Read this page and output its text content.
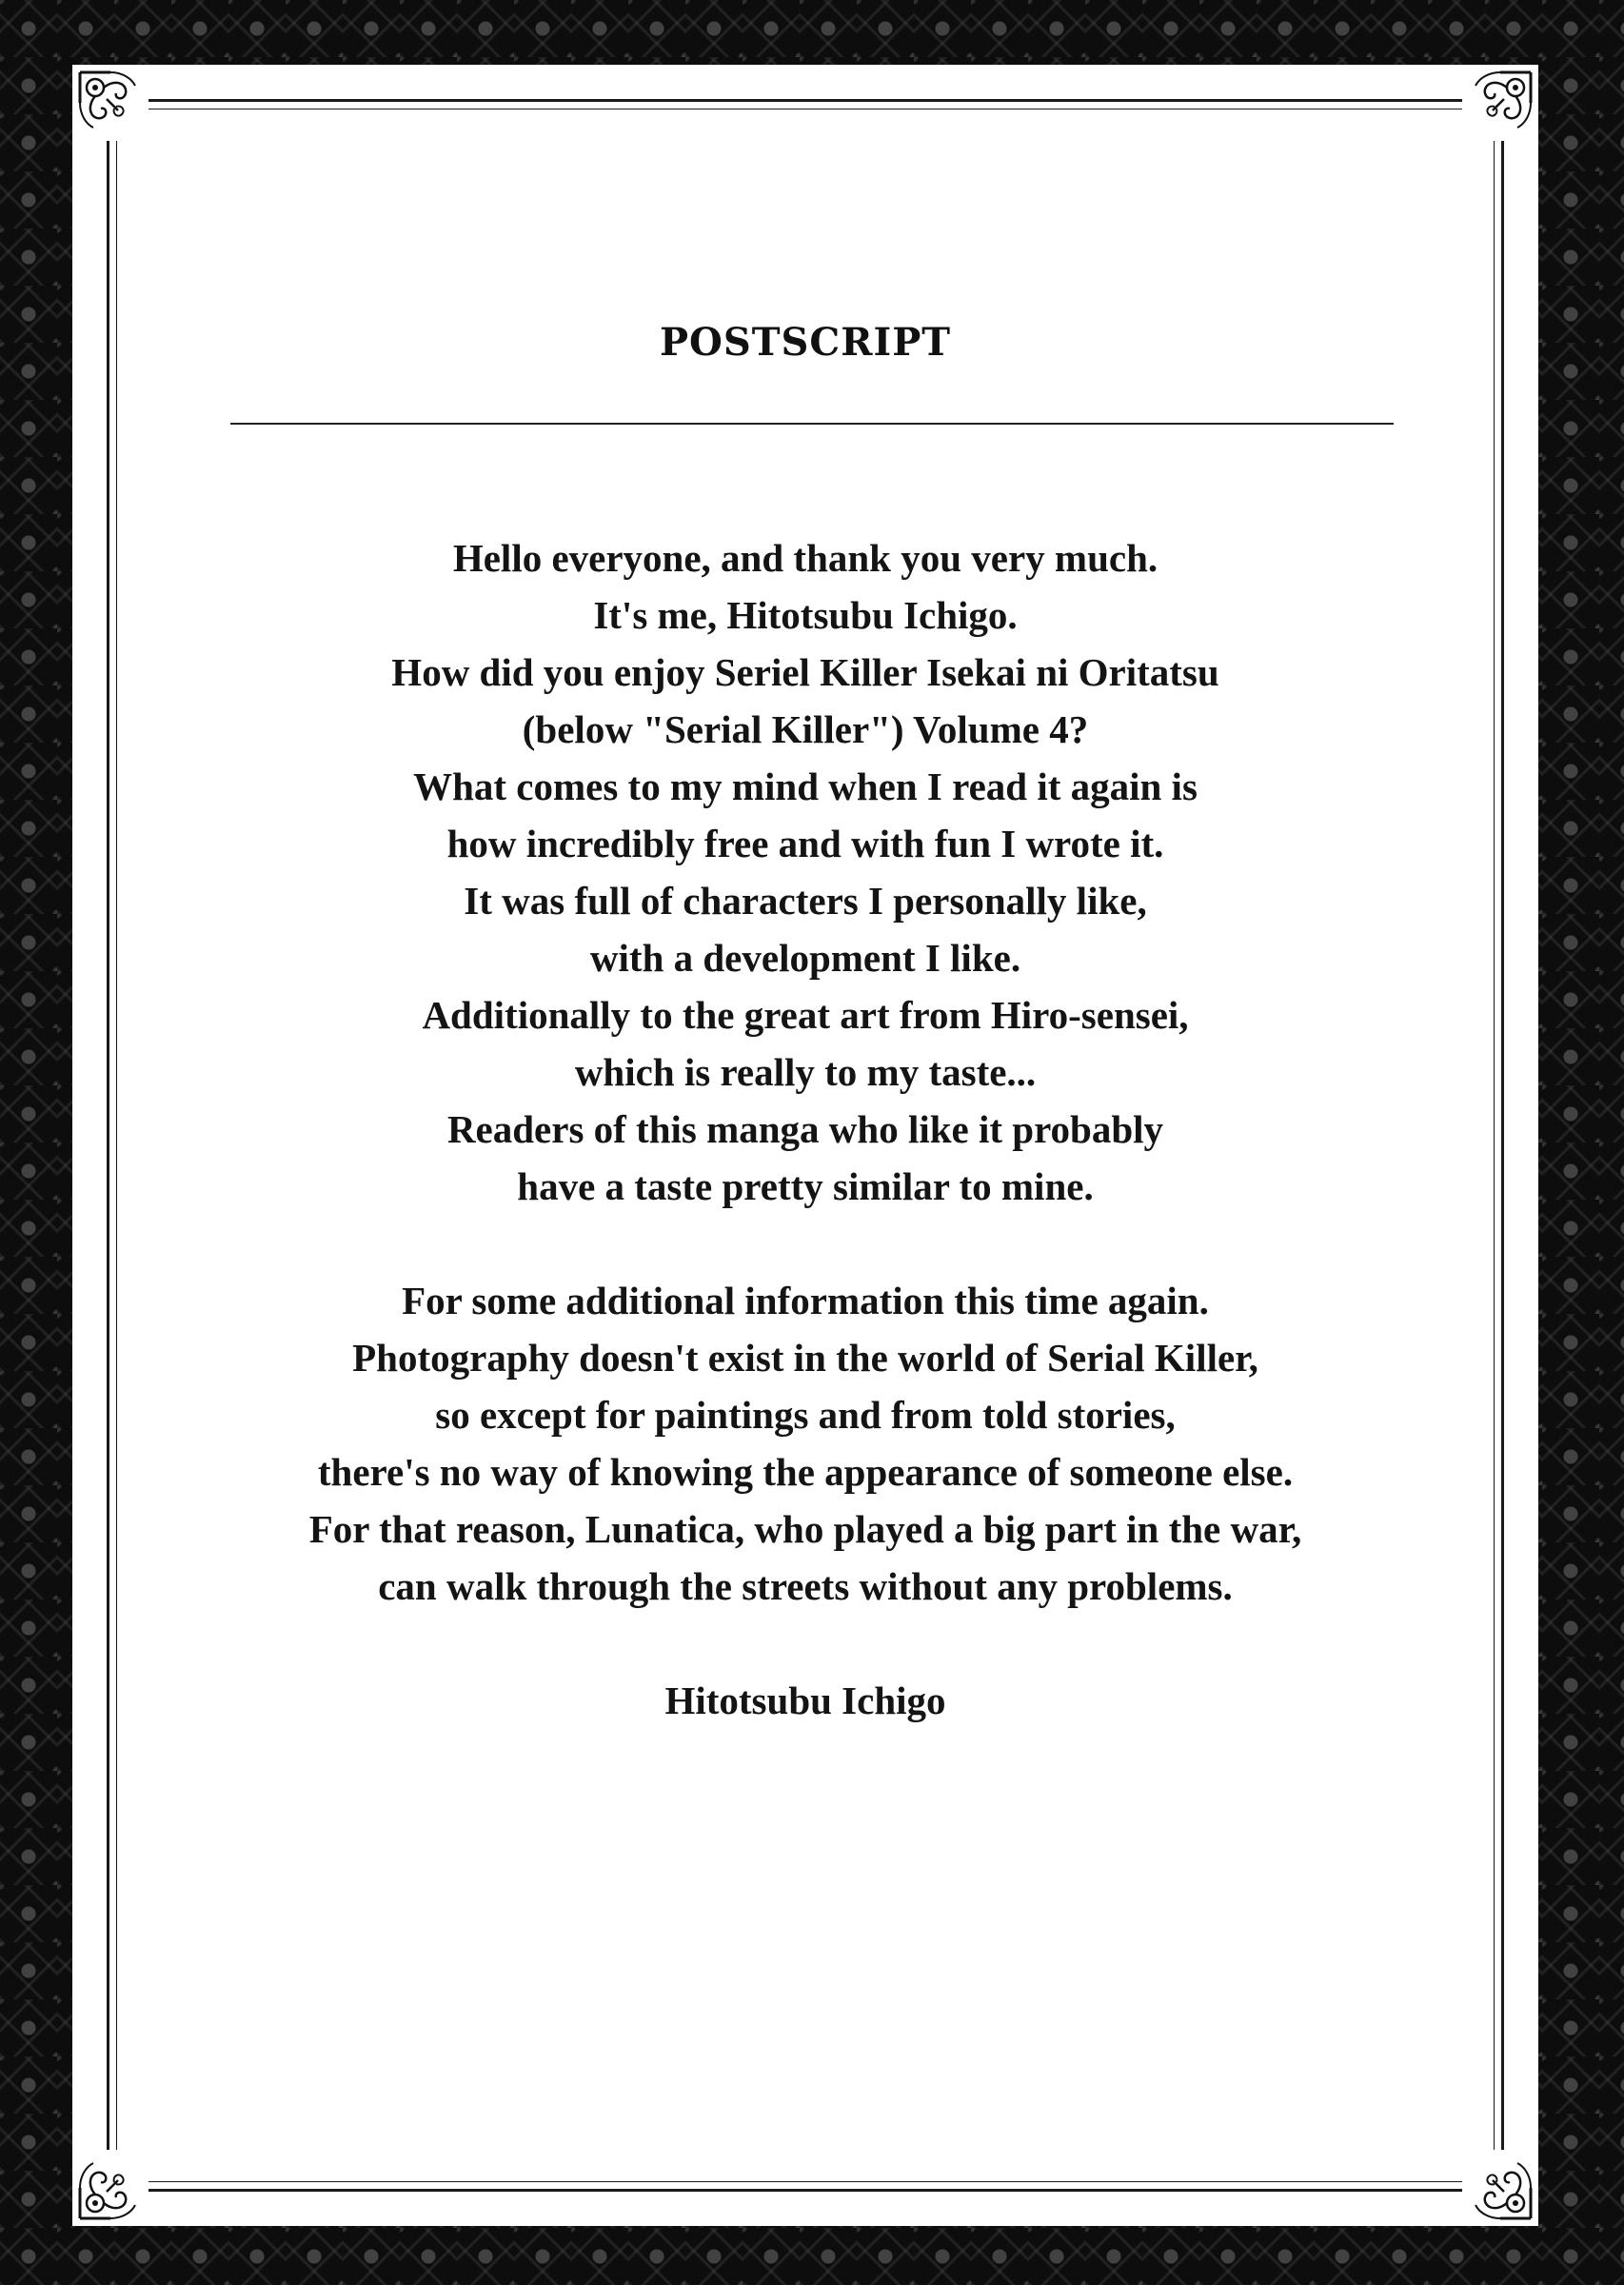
POSTSCRIPT
Hello everyone, and thank you very much.
It's me, Hitotsubu Ichigo.
How did you enjoy Seriel Killer Isekai ni Oritatsu
(below "Serial Killer") Volume 4?
What comes to my mind when I read it again is
how incredibly free and with fun I wrote it.
It was full of characters I personally like,
with a development I like.
Additionally to the great art from Hiro-sensei,
which is really to my taste...
Readers of this manga who like it probably
have a taste pretty similar to mine.
For some additional information this time again.
Photography doesn't exist in the world of Serial Killer,
so except for paintings and from told stories,
there's no way of knowing the appearance of someone else.
For that reason, Lunatica, who played a big part in the war,
can walk through the streets without any problems.
Hitotsubu Ichigo
